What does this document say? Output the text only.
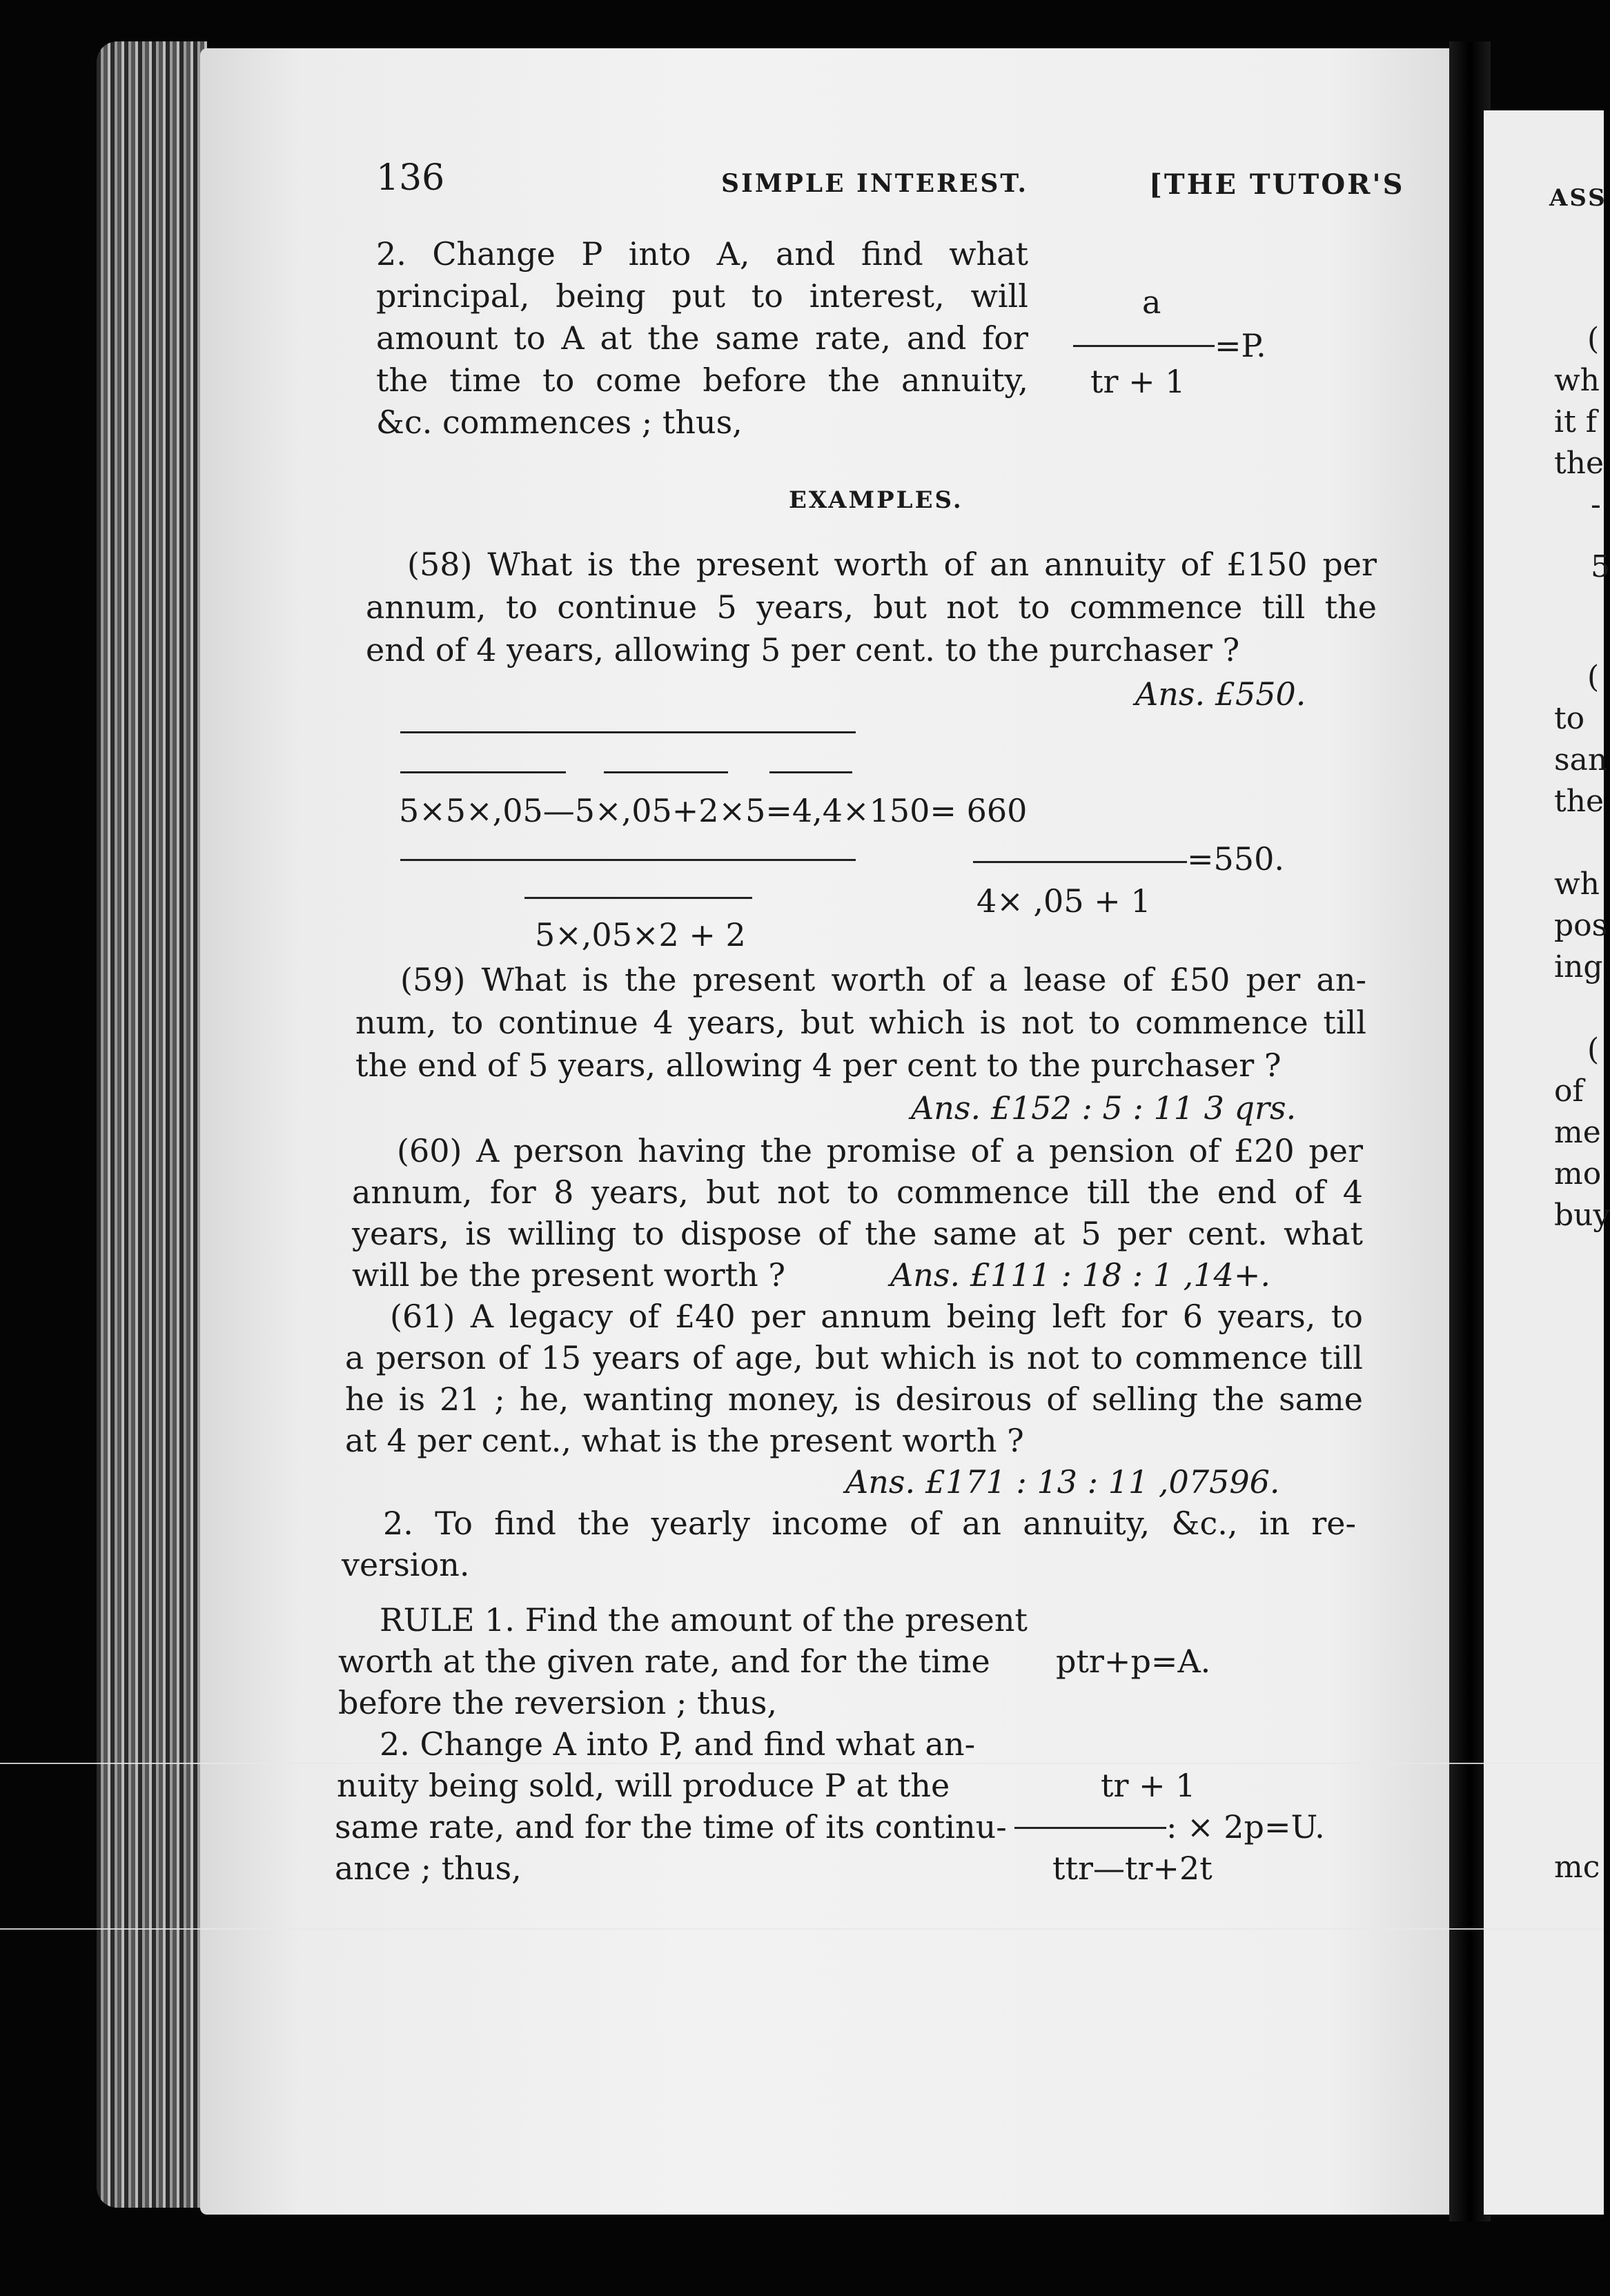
136	SIMPLE INTEREST.	[THE TUTOR'S	ASS
2. Change P into A, and find what
principal, being put to interest, will
amount to A at the same rate, and for
the time to come before the annuity,
&c. commences ; thus,
a
=P.
tr + 1
EXAMPLES.
(58) What is the present worth of an annuity of £150 per
annum, to continue 5 years, but not to commence till the
end of 4 years, allowing 5 per cent. to the purchaser ?
Ans. £550.
5×5×,05—5×,05+2×5=4,4×150= 660
=550.
4× ,05 + 1
5×,05×2 + 2
(59) What is the present worth of a lease of £50 per an-
num, to continue 4 years, but which is not to commence till
the end of 5 years, allowing 4 per cent to the purchaser ?
Ans. £152 : 5 : 11 3 qrs.
(60) A person having the promise of a pension of £20 per
annum, for 8 years, but not to commence till the end of 4
years, is willing to dispose of the same at 5 per cent. what
will be the present worth ?	Ans. £111 : 18 : 1 ,14+.
(61) A legacy of £40 per annum being left for 6 years, to
a person of 15 years of age, but which is not to commence till
he is 21 ; he, wanting money, is desirous of selling the same
at 4 per cent., what is the present worth ?
Ans. £171 : 13 : 11 ,07596.
2. To find the yearly income of an annuity, &c., in re-
version.
RULE 1. Find the amount of the present
worth at the given rate, and for the time ptr+p=A.
before the reversion ; thus,
2. Change A into P, and find what an-
nuity being sold, will produce P at the	tr + 1
same rate, and for the time of its continu-	: × 2p=U.
ance ; thus,	ttr—tr+2t
(
wh
it f
the
-
5
(
to
san
the
wh
pos
ing
(
of
me
mo
buy
mc
